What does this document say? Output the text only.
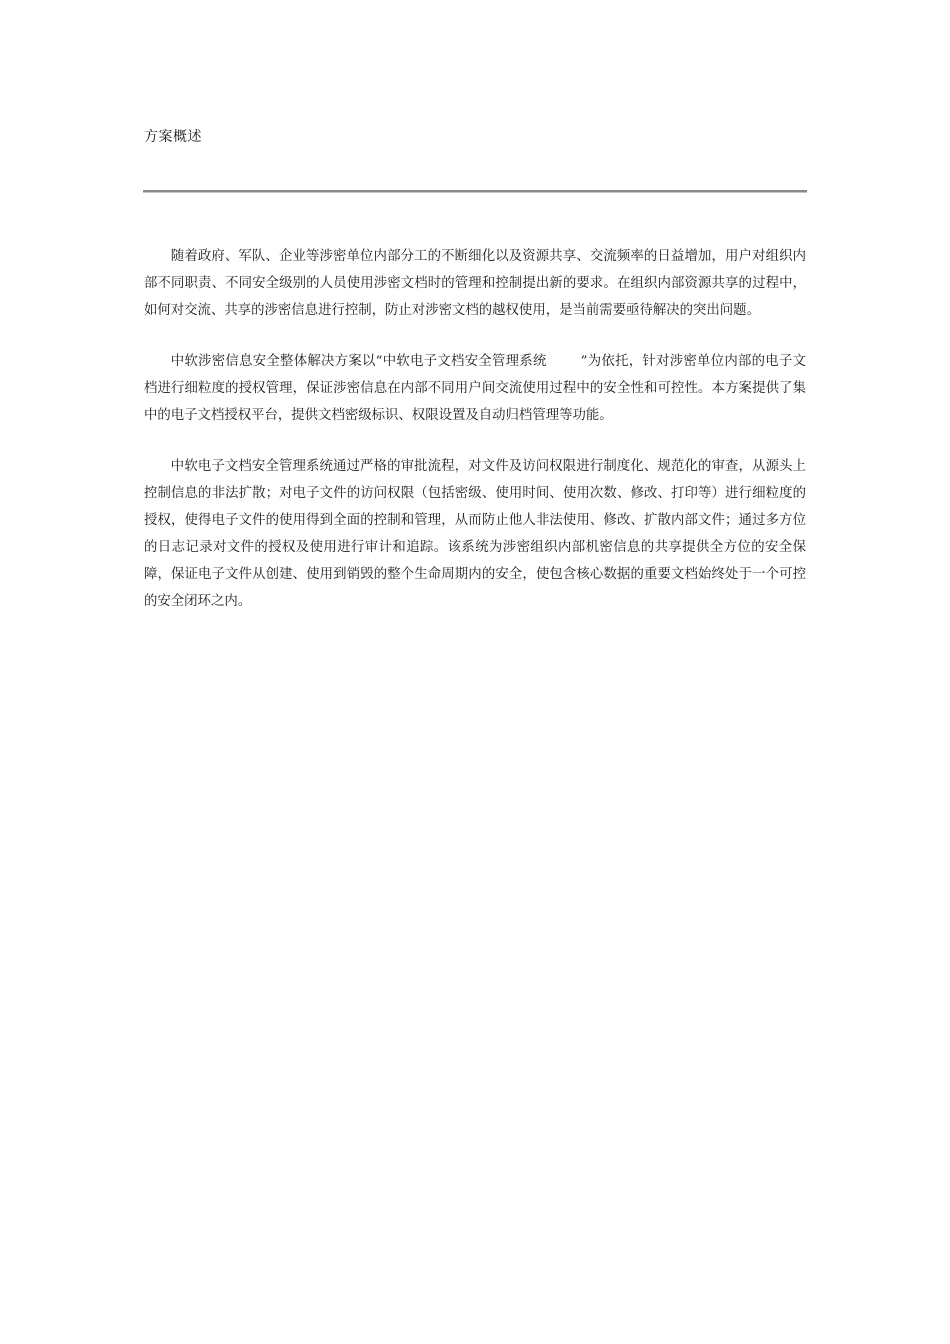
方案概述

随着政府、军队、企业等涉密单位内部分工的不断细化以及资源共享、交流频率的日益增加，用户对组织内部不同职责、不同安全级别的人员使用涉密文档时的管理和控制提出新的要求。在组织内部资源共享的过程中，如何对交流、共享的涉密信息进行控制，防止对涉密文档的越权使用，是当前需要亟待解决的突出问题。

中软涉密信息安全整体解决方案以“中软电子文档安全管理系统	”为依托，针对涉密单位内部的电子文档进行细粒度的授权管理，保证涉密信息在内部不同用户间交流使用过程中的安全性和可控性。本方案提供了集中的电子文档授权平台，提供文档密级标识、权限设置及自动归档管理等功能。

中软电子文档安全管理系统通过严格的审批流程，对文件及访问权限进行制度化、规范化的审查，从源头上控制信息的非法扩散；对电子文件的访问权限（包括密级、使用时间、使用次数、修改、打印等）进行细粒度的授权，使得电子文件的使用得到全面的控制和管理，从而防止他人非法使用、修改、扩散内部文件；通过多方位的日志记录对文件的授权及使用进行审计和追踪。该系统为涉密组织内部机密信息的共享提供全方位的安全保障，保证电子文件从创建、使用到销毁的整个生命周期内的安全，使包含核心数据的重要文档始终处于一个可控的安全闭环之内。
